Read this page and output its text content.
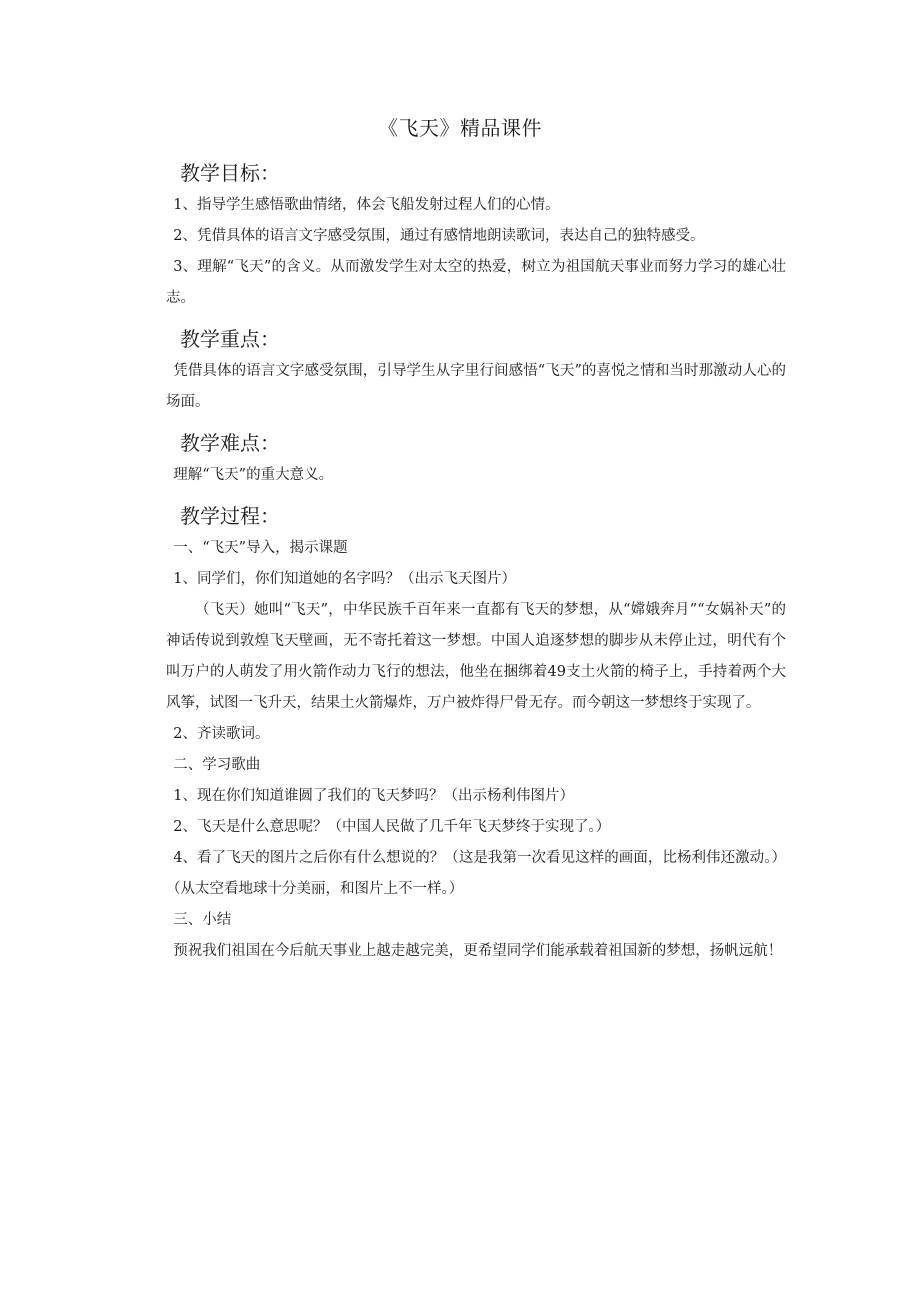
《飞天》精品课件
教学目标：

1、指导学生感悟歌曲情绪，体会飞船发射过程人们的心情。

2、凭借具体的语言文字感受氛围，通过有感情地朗读歌词，表达自己的独特感受。

3、理解“飞天”的含义。从而激发学生对太空的热爱，树立为祖国航天事业而努力学习的雄心壮志。

教学重点：

凭借具体的语言文字感受氛围，引导学生从字里行间感悟“飞天”的喜悦之情和当时那激动人心的场面。

教学难点：

理解“飞天”的重大意义。

教学过程：

一、“飞天”导入，揭示课题

1、同学们，你们知道她的名字吗？（出示飞天图片）

（飞天）她叫“飞天”，中华民族千百年来一直都有飞天的梦想，从“嫦娥奔月”“女娲补天”的神话传说到敦煌飞天壁画，无不寄托着这一梦想。中国人追逐梦想的脚步从未停止过，明代有个叫万户的人萌发了用火箭作动力飞行的想法，他坐在捆绑着49支土火箭的椅子上，手持着两个大风筝，试图一飞升天，结果土火箭爆炸，万户被炸得尸骨无存。而今朝这一梦想终于实现了。

2、齐读歌词。

二、学习歌曲

1、现在你们知道谁圆了我们的飞天梦吗？（出示杨利伟图片）

2、飞天是什么意思呢？（中国人民做了几千年飞天梦终于实现了。）

4、看了飞天的图片之后你有什么想说的？（这是我第一次看见这样的画面，比杨利伟还激动。）（从太空看地球十分美丽，和图片上不一样。）

三、小结

预祝我们祖国在今后航天事业上越走越完美，更希望同学们能承载着祖国新的梦想，扬帆远航！
